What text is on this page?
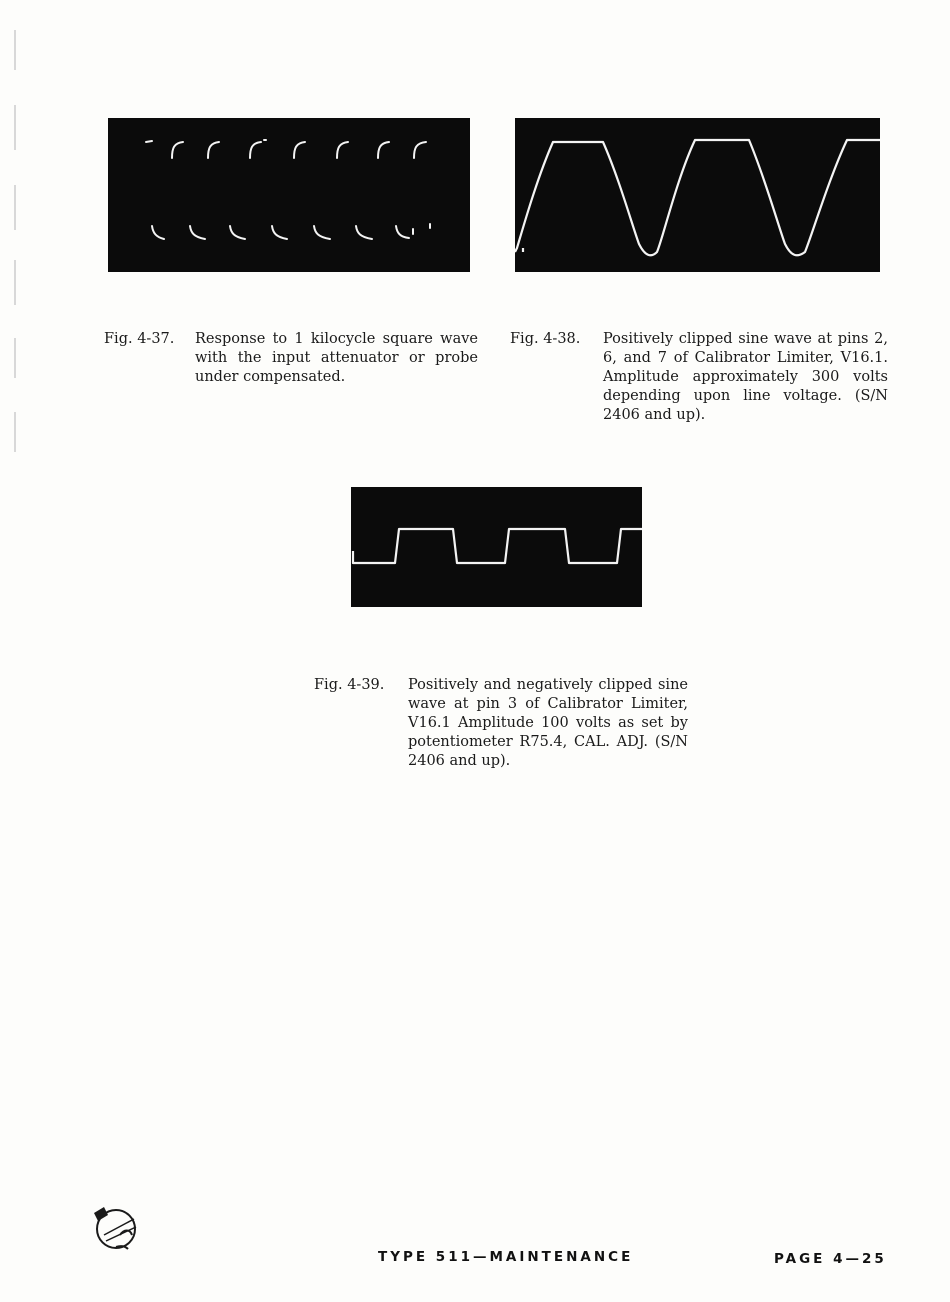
Fig. 4-37. Response to 1 kilocycle square wave with the input attenuator or probe under compensated.
Fig. 4-38. Positively clipped sine wave at pins 2, 6, and 7 of Calibrator Limiter, V16.1. Amplitude approximately 300 volts depending upon line voltage. (S/N 2406 and up).
Fig. 4-39. Positively and negatively clipped sine wave at pin 3 of Calibrator Limiter, V16.1 Amplitude 100 volts as set by potentiometer R75.4, CAL. ADJ. (S/N 2406 and up).
TYPE 511—MAINTENANCE	PAGE 4—25
